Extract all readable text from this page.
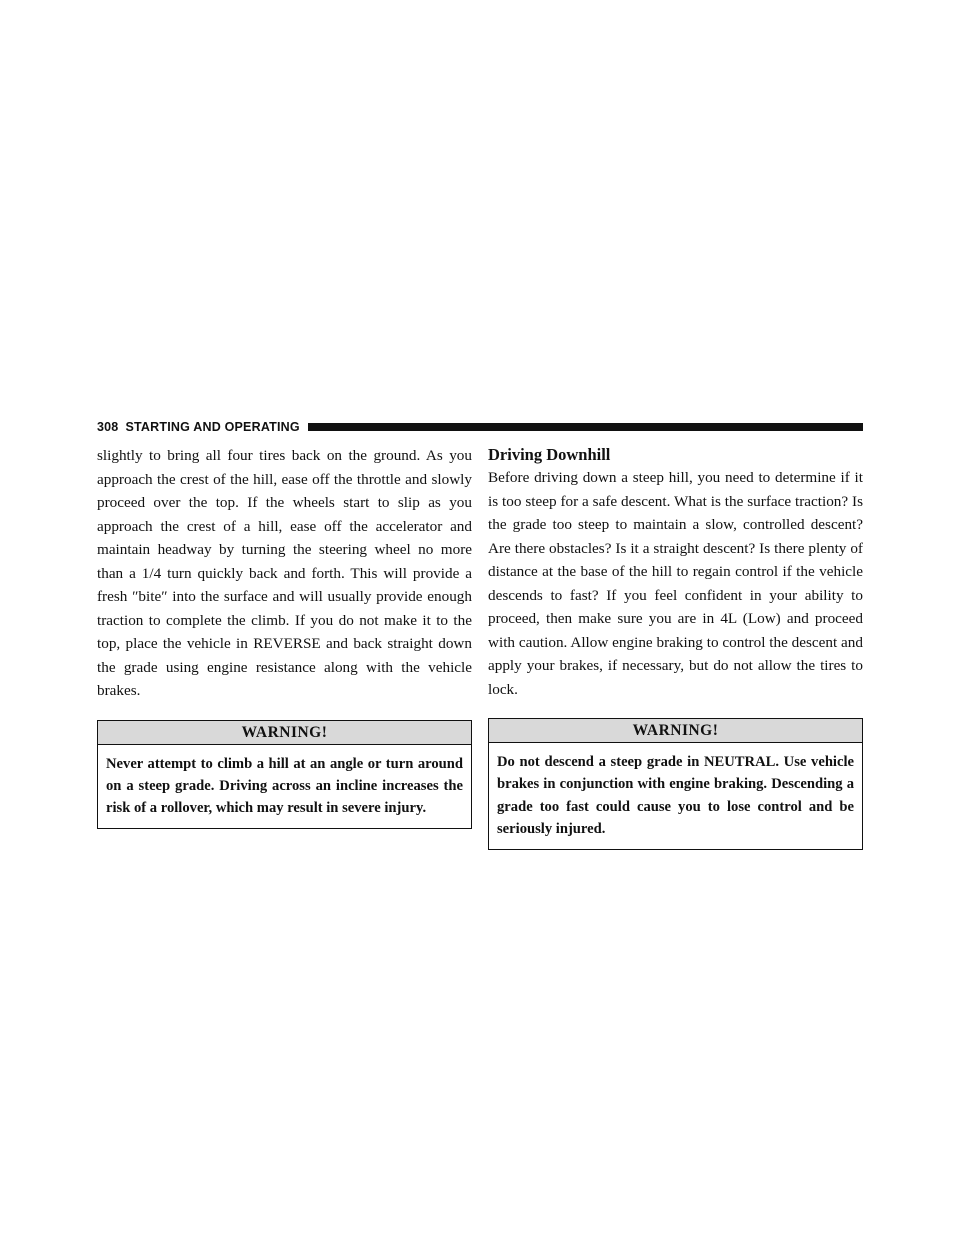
308 STARTING AND OPERATING

slightly to bring all four tires back on the ground. As you approach the crest of the hill, ease off the throttle and slowly proceed over the top. If the wheels start to slip as you approach the crest of a hill, ease off the accelerator and maintain headway by turning the steering wheel no more than a 1/4 turn quickly back and forth. This will provide a fresh ″bite″ into the surface and will usually provide enough traction to complete the climb. If you do not make it to the top, place the vehicle in REVERSE and back straight down the grade using engine resistance along with the vehicle brakes.

WARNING!

Never attempt to climb a hill at an angle or turn around on a steep grade. Driving across an incline increases the risk of a rollover, which may result in severe injury.

Driving Downhill

Before driving down a steep hill, you need to determine if it is too steep for a safe descent. What is the surface traction? Is the grade too steep to maintain a slow, controlled descent? Are there obstacles? Is it a straight descent? Is there plenty of distance at the base of the hill to regain control if the vehicle descends to fast? If you feel confident in your ability to proceed, then make sure you are in 4L (Low) and proceed with caution. Allow engine braking to control the descent and apply your brakes, if necessary, but do not allow the tires to lock.

WARNING!

Do not descend a steep grade in NEUTRAL. Use vehicle brakes in conjunction with engine braking. Descending a grade too fast could cause you to lose control and be seriously injured.
